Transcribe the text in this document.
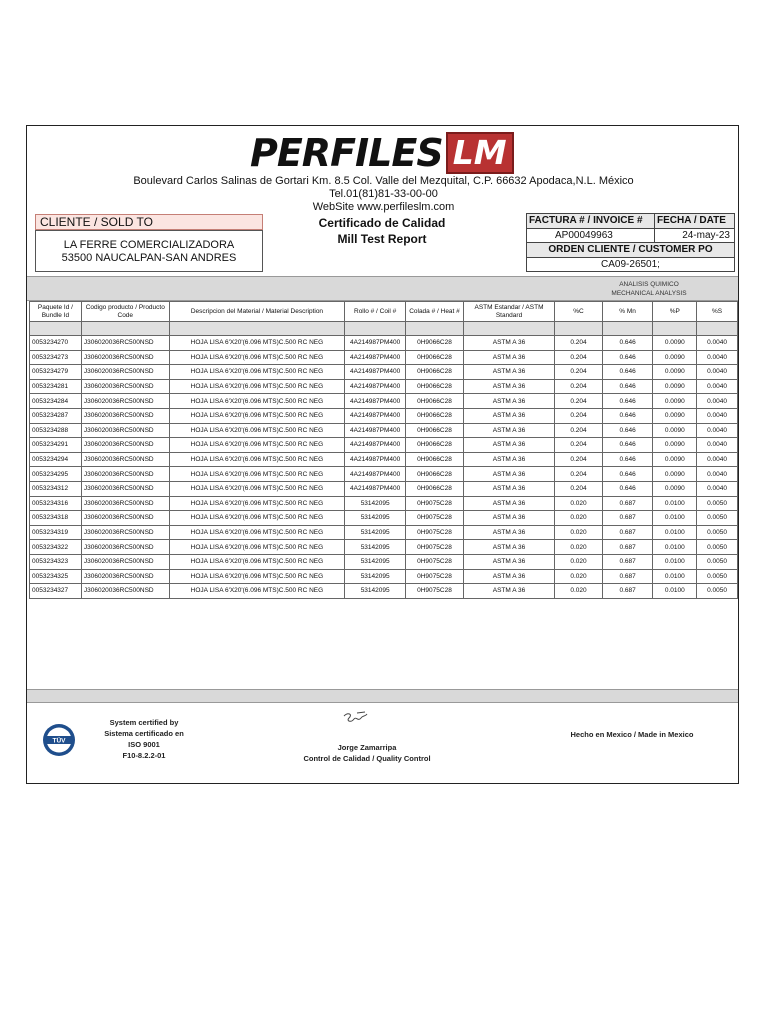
PERFILES LM
Boulevard Carlos Salinas de Gortari Km. 8.5 Col. Valle del Mezquital, C.P. 66632 Apodaca,N.L. México
Tel.01(81)81-33-00-00
WebSite www.perfileslm.com
CLIENTE / SOLD TO
LA FERRE COMERCIALIZADORA
53500 NAUCALPAN-SAN ANDRES
Certificado de Calidad
Mill Test Report
FACTURA # / INVOICE #	FECHA / DATE
AP00049963	24-may-23
ORDEN CLIENTE / CUSTOMER PO
CA09-26501;
ANALISIS QUIMICO
MECHANICAL ANALYSIS
Paquete Id / Bundle Id	Codigo producto / Producto Code	Descripcion del Material / Material Description	Rollo # / Coil #	Colada # / Heat #	ASTM Estandar / ASTM Standard	%C	% Mn	%P	%S

0053234270	J306020036RC500NSD	HOJA LISA 6'X20'(6.096 MTS)C.500 RC NEG	4A214987PM400	0H9066C28	ASTM A 36	0.204	0.646	0.0090	0.0040
0053234273	J306020036RC500NSD	HOJA LISA 6'X20'(6.096 MTS)C.500 RC NEG	4A214987PM400	0H9066C28	ASTM A 36	0.204	0.646	0.0090	0.0040
0053234279	J306020036RC500NSD	HOJA LISA 6'X20'(6.096 MTS)C.500 RC NEG	4A214987PM400	0H9066C28	ASTM A 36	0.204	0.646	0.0090	0.0040
0053234281	J306020036RC500NSD	HOJA LISA 6'X20'(6.096 MTS)C.500 RC NEG	4A214987PM400	0H9066C28	ASTM A 36	0.204	0.646	0.0090	0.0040
0053234284	J306020036RC500NSD	HOJA LISA 6'X20'(6.096 MTS)C.500 RC NEG	4A214987PM400	0H9066C28	ASTM A 36	0.204	0.646	0.0090	0.0040
0053234287	J306020036RC500NSD	HOJA LISA 6'X20'(6.096 MTS)C.500 RC NEG	4A214987PM400	0H9066C28	ASTM A 36	0.204	0.646	0.0090	0.0040
0053234288	J306020036RC500NSD	HOJA LISA 6'X20'(6.096 MTS)C.500 RC NEG	4A214987PM400	0H9066C28	ASTM A 36	0.204	0.646	0.0090	0.0040
0053234291	J306020036RC500NSD	HOJA LISA 6'X20'(6.096 MTS)C.500 RC NEG	4A214987PM400	0H9066C28	ASTM A 36	0.204	0.646	0.0090	0.0040
0053234294	J306020036RC500NSD	HOJA LISA 6'X20'(6.096 MTS)C.500 RC NEG	4A214987PM400	0H9066C28	ASTM A 36	0.204	0.646	0.0090	0.0040
0053234295	J306020036RC500NSD	HOJA LISA 6'X20'(6.096 MTS)C.500 RC NEG	4A214987PM400	0H9066C28	ASTM A 36	0.204	0.646	0.0090	0.0040
0053234312	J306020036RC500NSD	HOJA LISA 6'X20'(6.096 MTS)C.500 RC NEG	4A214987PM400	0H9066C28	ASTM A 36	0.204	0.646	0.0090	0.0040
0053234316	J306020036RC500NSD	HOJA LISA 6'X20'(6.096 MTS)C.500 RC NEG	53142095	0H9075C28	ASTM A 36	0.020	0.687	0.0100	0.0050
0053234318	J306020036RC500NSD	HOJA LISA 6'X20'(6.096 MTS)C.500 RC NEG	53142095	0H9075C28	ASTM A 36	0.020	0.687	0.0100	0.0050
0053234319	J306020036RC500NSD	HOJA LISA 6'X20'(6.096 MTS)C.500 RC NEG	53142095	0H9075C28	ASTM A 36	0.020	0.687	0.0100	0.0050
0053234322	J306020036RC500NSD	HOJA LISA 6'X20'(6.096 MTS)C.500 RC NEG	53142095	0H9075C28	ASTM A 36	0.020	0.687	0.0100	0.0050
0053234323	J306020036RC500NSD	HOJA LISA 6'X20'(6.096 MTS)C.500 RC NEG	53142095	0H9075C28	ASTM A 36	0.020	0.687	0.0100	0.0050
0053234325	J306020036RC500NSD	HOJA LISA 6'X20'(6.096 MTS)C.500 RC NEG	53142095	0H9075C28	ASTM A 36	0.020	0.687	0.0100	0.0050
0053234327	J306020036RC500NSD	HOJA LISA 6'X20'(6.096 MTS)C.500 RC NEG	53142095	0H9075C28	ASTM A 36	0.020	0.687	0.0100	0.0050
TÜV
System certified by
Sistema certificado en
ISO 9001
F10-8.2.2-01
Jorge Zamarripa
Control de Calidad / Quality Control
Hecho en Mexico / Made in Mexico
